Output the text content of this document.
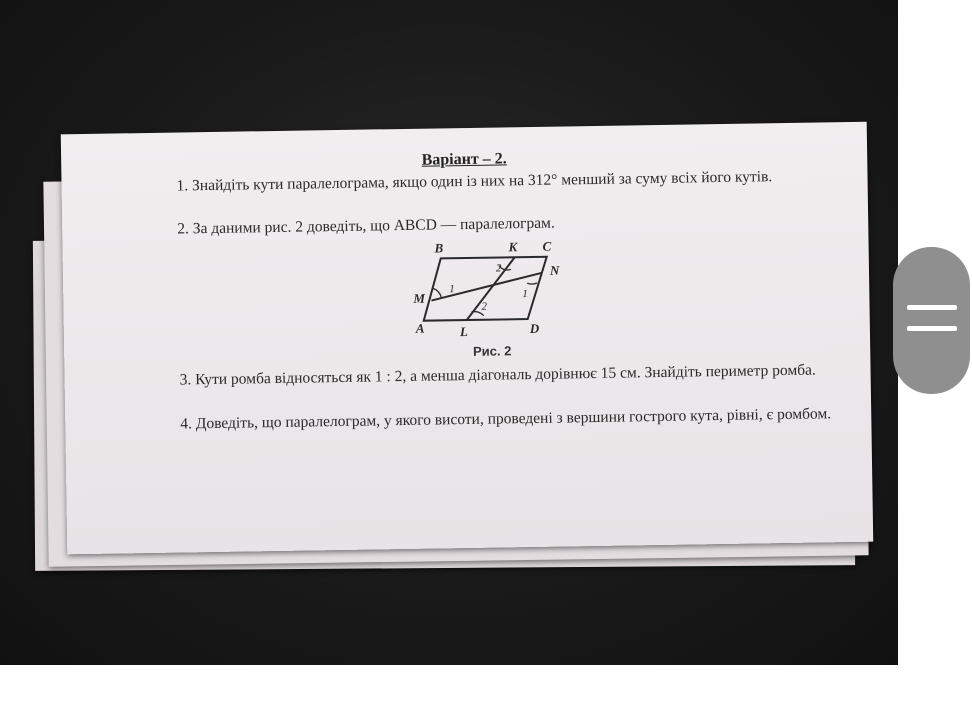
Варіант – 2.

1. Знайдіть кути паралелограма, якщо один із них на 312° менший за суму всіх його кутів.

2. За даними рис. 2 доведіть, що ABCD — паралелограм.

B	K C
N
M
A	L	D
1
2
2
1
Рис. 2

3. Кути ромба відносяться як 1 : 2, а менша діагональ дорівнює 15 см. Знайдіть периметр ромба.

4. Доведіть, що паралелограм, у якого висоти, проведені з вершини гострого кута, рівні, є ромбом.
